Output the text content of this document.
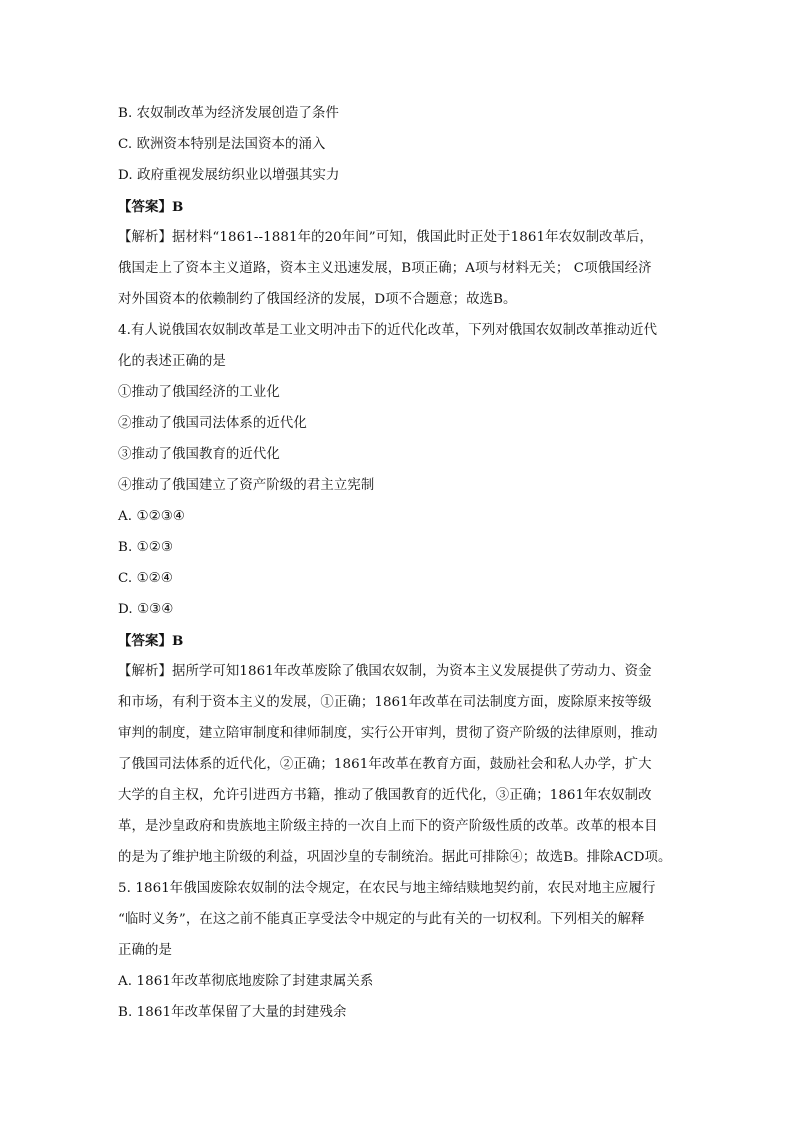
B. 农奴制改革为经济发展创造了条件
C. 欧洲资本特别是法国资本的涌入
D. 政府重视发展纺织业以增强其实力
【答案】B
【解析】据材料“1861--1881年的20年间”可知，俄国此时正处于1861年农奴制改革后，
俄国走上了资本主义道路，资本主义迅速发展，B项正确；A项与材料无关； C项俄国经济
对外国资本的依赖制约了俄国经济的发展，D项不合题意；故选B。
4.有人说俄国农奴制改革是工业文明冲击下的近代化改革，下列对俄国农奴制改革推动近代
化的表述正确的是
①推动了俄国经济的工业化
②推动了俄国司法体系的近代化
③推动了俄国教育的近代化
④推动了俄国建立了资产阶级的君主立宪制
A. ①②③④
B. ①②③
C. ①②④
D. ①③④
【答案】B
【解析】据所学可知1861年改革废除了俄国农奴制，为资本主义发展提供了劳动力、资金
和市场，有利于资本主义的发展，①正确；1861年改革在司法制度方面，废除原来按等级
审判的制度，建立陪审制度和律师制度，实行公开审判，贯彻了资产阶级的法律原则，推动
了俄国司法体系的近代化，②正确；1861年改革在教育方面，鼓励社会和私人办学，扩大
大学的自主权，允许引进西方书籍，推动了俄国教育的近代化，③正确；1861年农奴制改
革，是沙皇政府和贵族地主阶级主持的一次自上而下的资产阶级性质的改革。改革的根本目
的是为了维护地主阶级的利益，巩固沙皇的专制统治。据此可排除④；故选B。排除ACD项。
5. 1861年俄国废除农奴制的法令规定，在农民与地主缔结赎地契约前，农民对地主应履行
“临时义务”，在这之前不能真正享受法令中规定的与此有关的一切权利。下列相关的解释
正确的是
A. 1861年改革彻底地废除了封建隶属关系
B. 1861年改革保留了大量的封建残余
